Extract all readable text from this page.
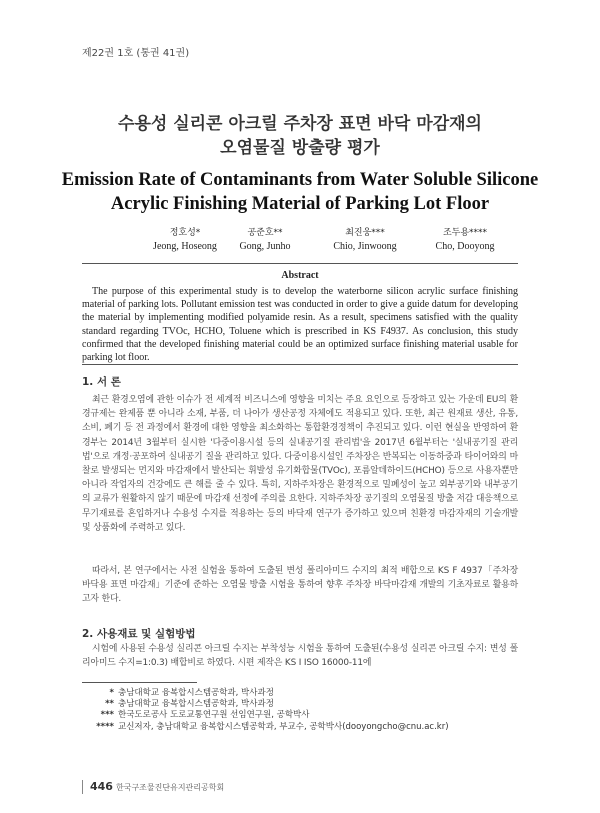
제22권 1호 (통권 41권)
수용성 실리콘 아크릴 주차장 표면 바닥 마감재의
오염물질 방출량 평가
Emission Rate of Contaminants from Water Soluble Silicone
Acrylic Finishing Material of Parking Lot Floor
정호성*
Jeong, Hoseong
공준호**
Gong, Junho
최진웅***
Chio, Jinwoong
조두용****
Cho, Dooyong
Abstract
The purpose of this experimental study is to develop the waterborne silicon acrylic surface finishing material of parking lots. Pollutant emission test was conducted in order to give a guide datum for developing the material by implementing modified polyamide resin. As a result, specimens satisfied with the quality standard regarding TVOc, HCHO, Toluene which is prescribed in KS F4937. As conclusion, this study confirmed that the developed finishing material could be an optimized surface finishing material usable for parking lot floor.
1. 서 론
최근 환경오염에 관한 이슈가 전 세계적 비즈니스에 영향을 미치는 주요 요인으로 등장하고 있는 가운데 EU의 환경규제는 완제품 뿐 아니라 소재, 부품, 더 나아가 생산공정 자체에도 적용되고 있다. 또한, 최근 원재료 생산, 유통, 소비, 폐기 등 전 과정에서 환경에 대한 영향을 최소화하는 통합환경정책이 추진되고 있다. 이런 현실을 반영하여 환경부는 2014년 3월부터 실시한 '다중이용시설 등의 실내공기질 관리법'을 2017년 6월부터는 '실내공기질 관리법'으로 개정·공포하여 실내공기 질을 관리하고 있다. 다중이용시설인 주차장은 반복되는 이동하중과 타이어와의 마찰로 발생되는 먼지와 마감재에서 발산되는 휘발성 유기화합물(TVOc), 포름알데하이드(HCHO) 등으로 사용자뿐만 아니라 작업자의 건강에도 큰 해를 줄 수 있다. 특히, 지하주차장은 환경적으로 밀폐성이 높고 외부공기와 내부공기의 교류가 원활하지 않기 때문에 마감재 선정에 주의를 요한다. 지하주차장 공기질의 오염물질 방출 저감 대응책으로 무기재료를 혼입하거나 수용성 수지를 적용하는 등의 바닥재 연구가 증가하고 있으며 친환경 마감자재의 기술개발 및 상품화에 주력하고 있다.
따라서, 본 연구에서는 사전 실험을 통하여 도출된 변성 폴리아미드 수지의 최적 배합으로 KS F 4937「주차장 바닥용 표면 마감재」기준에 준하는 오염물 방출 시험을 통하여 향후 주차장 바닥마감재 개발의 기초자료로 활용하고자 한다.
2. 사용재료 및 실험방법
시험에 사용된 수용성 실리콘 아크릴 수지는 부착성능 시험을 통하여 도출된(수용성 실리콘 아크릴 수지: 변성 폴리아미드 수지=1:0.3) 배합비로 하였다. 시편 제작은 KS I ISO 16000-11에
* 충남대학교 융복합시스템공학과, 박사과정
** 충남대학교 융복합시스템공학과, 박사과정
*** 한국도로공사 도로교통연구원 선임연구원, 공학박사
**** 교신저자, 충남대학교 융복합시스템공학과, 부교수, 공학박사(dooyongcho@cnu.ac.kr)
446 한국구조물진단유지관리공학회
